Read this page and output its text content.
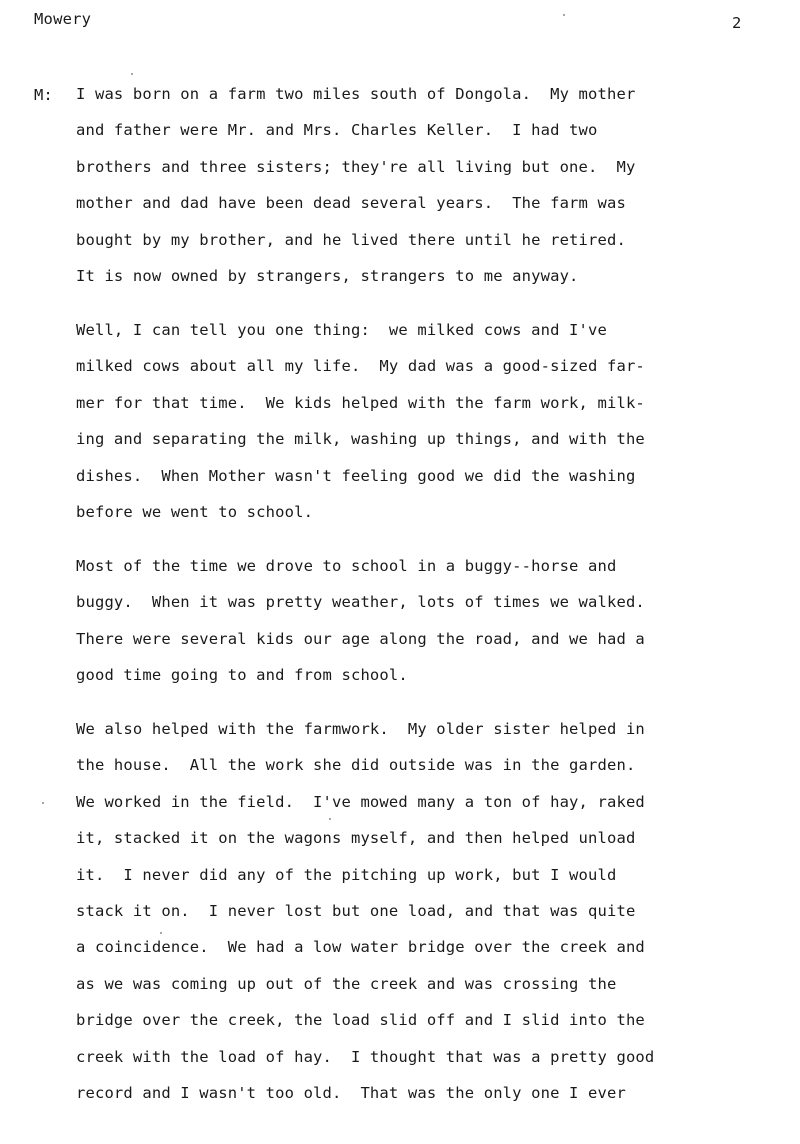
Mowery	2
M: I was born on a farm two miles south of Dongola.  My mother
and father were Mr. and Mrs. Charles Keller.  I had two
brothers and three sisters; they're all living but one.  My
mother and dad have been dead several years.  The farm was
bought by my brother, and he lived there until he retired.
It is now owned by strangers, strangers to me anyway.
Well, I can tell you one thing:  we milked cows and I've
milked cows about all my life.  My dad was a good-sized far-
mer for that time.  We kids helped with the farm work, milk-
ing and separating the milk, washing up things, and with the
dishes.  When Mother wasn't feeling good we did the washing
before we went to school.
Most of the time we drove to school in a buggy--horse and
buggy.  When it was pretty weather, lots of times we walked.
There were several kids our age along the road, and we had a
good time going to and from school.
We also helped with the farmwork.  My older sister helped in
the house.  All the work she did outside was in the garden.
We worked in the field.  I've mowed many a ton of hay, raked
it, stacked it on the wagons myself, and then helped unload
it.  I never did any of the pitching up work, but I would
stack it on.  I never lost but one load, and that was quite
a coincidence.  We had a low water bridge over the creek and
as we was coming up out of the creek and was crossing the
bridge over the creek, the load slid off and I slid into the
creek with the load of hay.  I thought that was a pretty good
record and I wasn't too old.  That was the only one I ever
